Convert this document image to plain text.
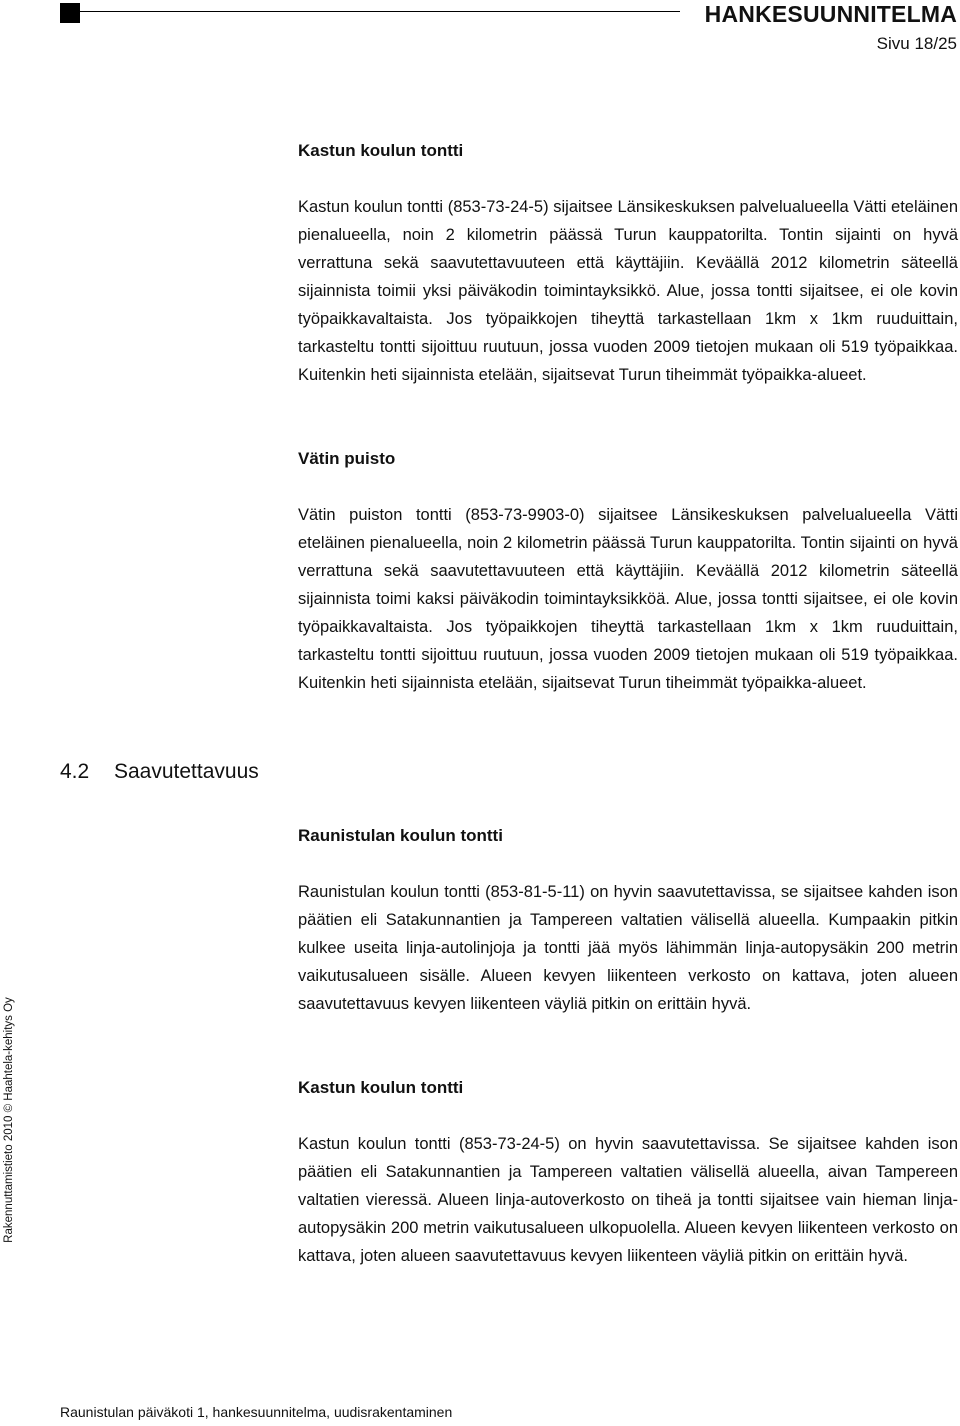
HANKESUUNNITELMA
Sivu 18/25
Rakennuttamistieto 2010 © Haahtela-kehitys Oy
Kastun koulun tontti

Kastun koulun tontti (853-73-24-5) sijaitsee Länsikeskuksen palvelualueella Vätti eteläinen pienalueella, noin 2 kilometrin päässä Turun kauppatorilta. Tontin sijainti on hyvä verrattuna sekä saavutettavuuteen että käyttäjiin. Keväällä 2012 kilometrin säteellä sijainnista toimii yksi päiväkodin toimintayksikkö. Alue, jossa tontti sijaitsee, ei ole kovin työpaikkavaltaista. Jos työpaikkojen tiheyttä tarkastellaan 1km x 1km ruuduittain, tarkasteltu tontti sijoittuu ruutuun, jossa vuoden 2009 tietojen mukaan oli 519 työpaikkaa. Kuitenkin heti sijainnista etelään, sijaitsevat Turun tiheimmät työpaikka-alueet.

Vätin puisto

Vätin puiston tontti (853-73-9903-0) sijaitsee Länsikeskuksen palvelualueella Vätti eteläinen pienalueella, noin 2 kilometrin päässä Turun kauppatorilta. Tontin sijainti on hyvä verrattuna sekä saavutettavuuteen että käyttäjiin. Keväällä 2012 kilometrin säteellä sijainnista toimi kaksi päiväkodin toimintayksikköä. Alue, jossa tontti sijaitsee, ei ole kovin työpaikkavaltaista. Jos työpaikkojen tiheyttä tarkastellaan 1km x 1km ruuduittain, tarkasteltu tontti sijoittuu ruutuun, jossa vuoden 2009 tietojen mukaan oli 519 työpaikkaa. Kuitenkin heti sijainnista etelään, sijaitsevat Turun tiheimmät työpaikka-alueet.

4.2 Saavutettavuus
Raunistulan koulun tontti

Raunistulan koulun tontti (853-81-5-11) on hyvin saavutettavissa, se sijaitsee kahden ison päätien eli Satakunnantien ja Tampereen valtatien välisellä alueella. Kumpaakin pitkin kulkee useita linja-autolinjoja ja tontti jää myös lähimmän linja-autopysäkin 200 metrin vaikutusalueen sisälle. Alueen kevyen liikenteen verkosto on kattava, joten alueen saavutettavuus kevyen liikenteen väyliä pitkin on erittäin hyvä.

Kastun koulun tontti

Kastun koulun tontti (853-73-24-5) on hyvin saavutettavissa. Se sijaitsee kahden ison päätien eli Satakunnantien ja Tampereen valtatien välisellä alueella, aivan Tampereen valtatien vieressä. Alueen linja-autoverkosto on tiheä ja tontti sijaitsee vain hieman linja-autopysäkin 200 metrin vaikutusalueen ulkopuolella. Alueen kevyen liikenteen verkosto on kattava, joten alueen saavutettavuus kevyen liikenteen väyliä pitkin on erittäin hyvä.

Raunistulan päiväkoti 1, hankesuunnitelma, uudisrakentaminen
